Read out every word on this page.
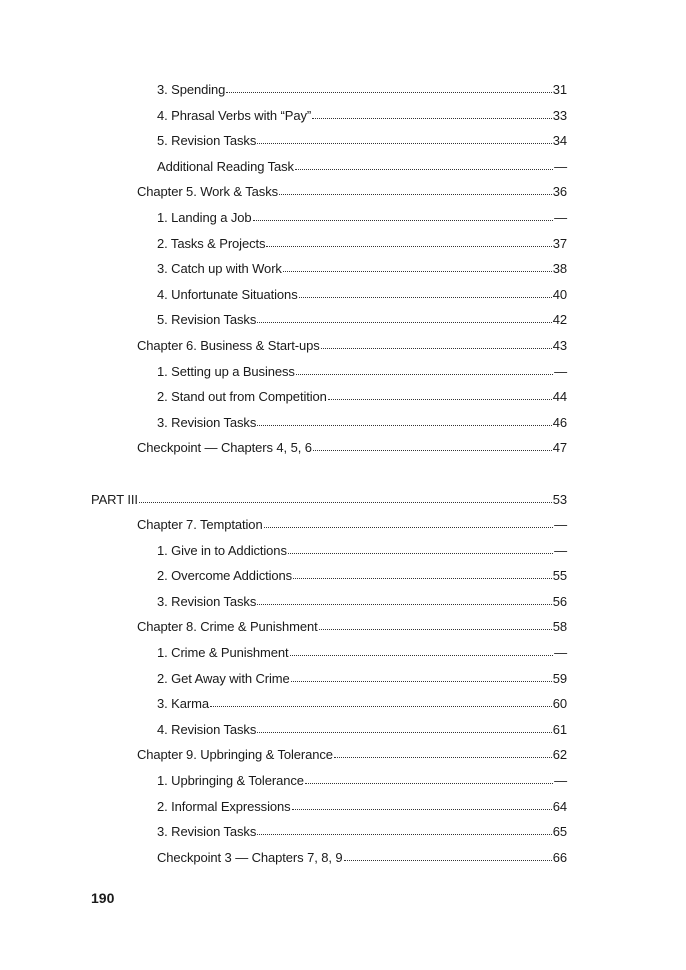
3. Spending	31
4. Phrasal Verbs with “Pay”	33
5. Revision Tasks	34
Additional Reading Task	—
Chapter 5. Work & Tasks	36
1. Landing a Job	—
2. Tasks & Projects	37
3. Catch up with Work	38
4. Unfortunate Situations	40
5. Revision Tasks	42
Chapter 6. Business & Start-ups	43
1. Setting up a Business	—
2. Stand out from Competition	44
3. Revision Tasks	46
Checkpoint — Chapters 4, 5, 6	47
PART III	53
Chapter 7. Temptation	—
1. Give in to Addictions	—
2. Overcome Addictions	55
3. Revision Tasks	56
Chapter 8. Crime & Punishment	58
1. Crime & Punishment	—
2. Get Away with Crime	59
3. Karma	60
4. Revision Tasks	61
Chapter 9. Upbringing & Tolerance	62
1. Upbringing & Tolerance	—
2. Informal Expressions	64
3. Revision Tasks	65
Checkpoint 3 — Chapters 7, 8, 9	66
190
